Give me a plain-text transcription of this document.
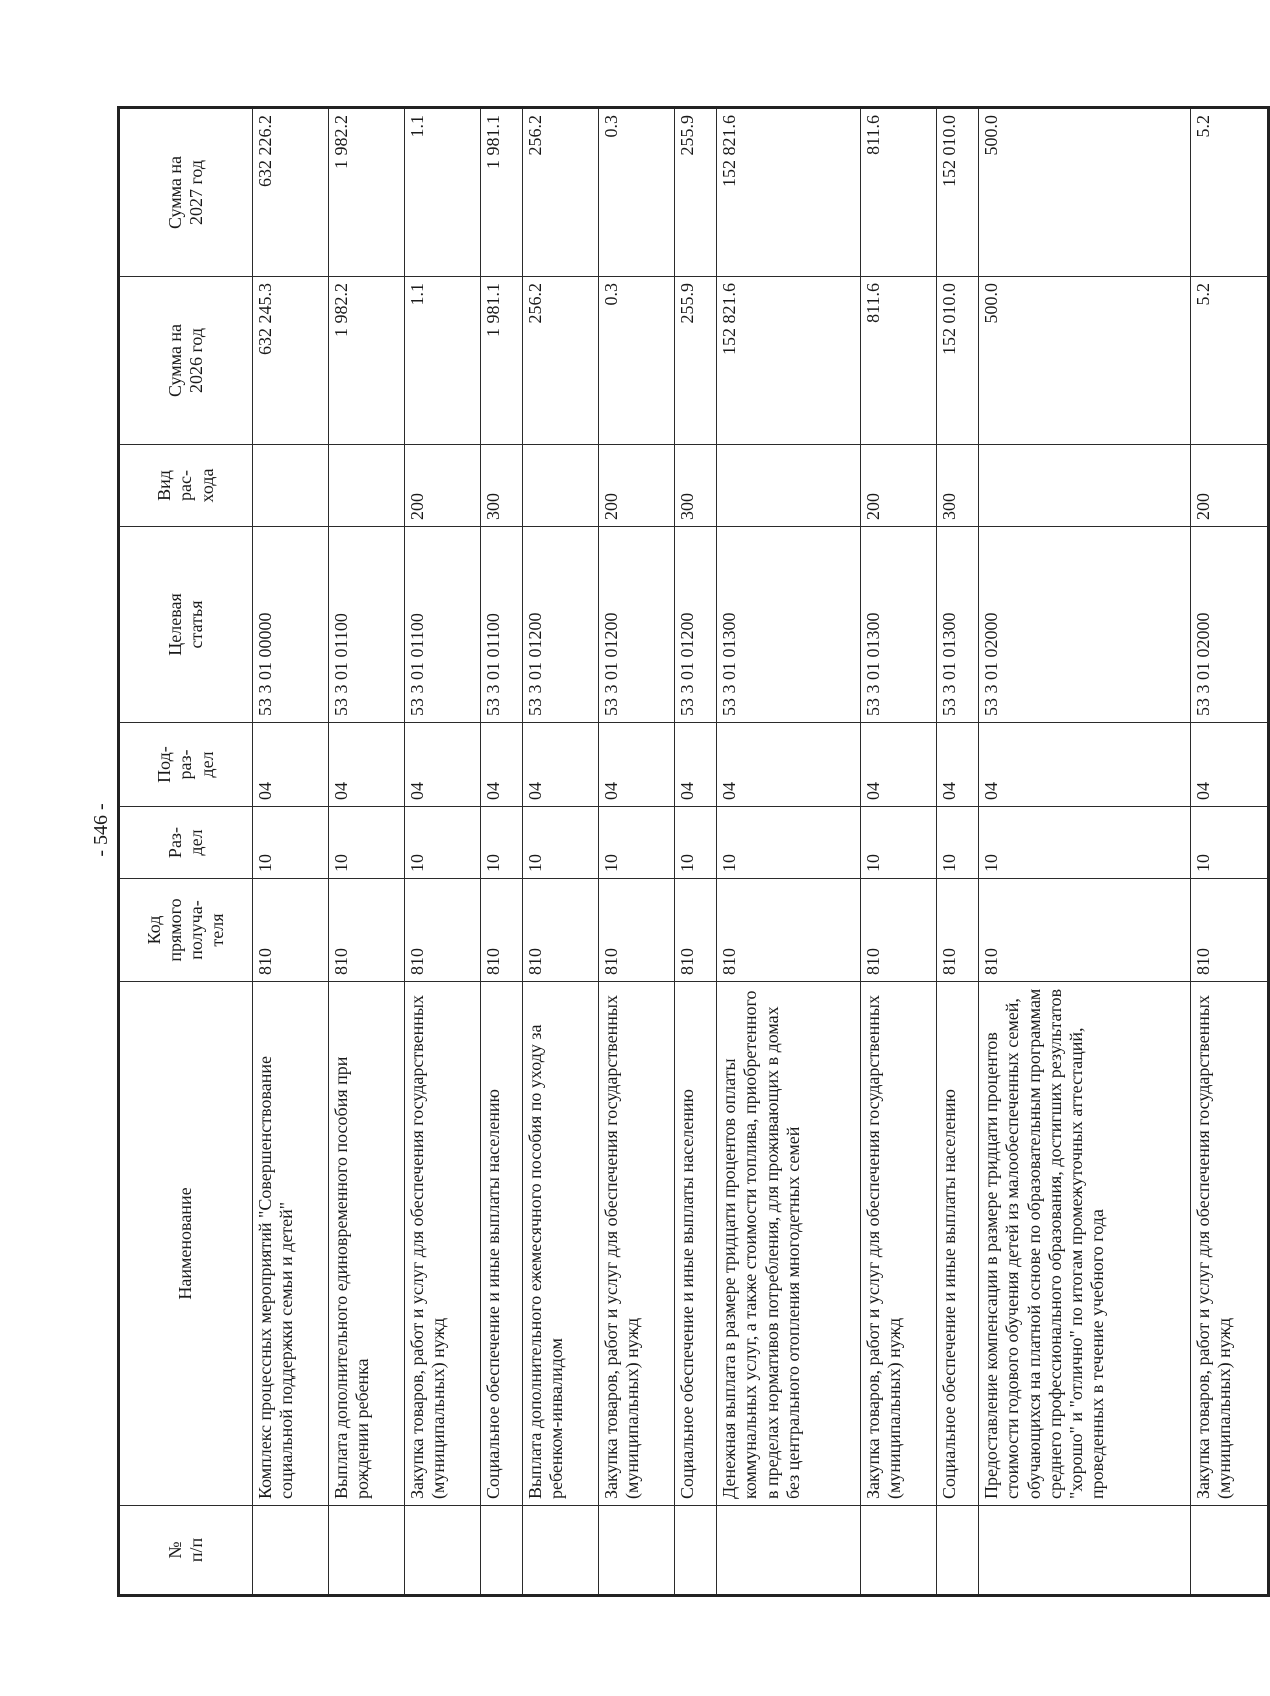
- 546 -
№
п/п	Наименование	Код
прямого
получа-
теля	Раз-
дел	Под-
раз-
дел	Целевая
статья	Вид
рас-
хода	Сумма на
2026 год	Сумма на
2027 год
	Комплекс процессных мероприятий "Совершенствование социальной поддержки семьи и детей"	810	10	04	53 3 01 00000		632 245.3	632 226.2
	Выплата дополнительного единовременного пособия при рождении ребенка	810	10	04	53 3 01 01100		1 982.2	1 982.2
	Закупка товаров, работ и услуг для обеспечения государственных (муниципальных) нужд	810	10	04	53 3 01 01100	200	1.1	1.1
	Социальное обеспечение и иные выплаты населению	810	10	04	53 3 01 01100	300	1 981.1	1 981.1
	Выплата дополнительного ежемесячного пособия по уходу за ребенком-инвалидом	810	10	04	53 3 01 01200		256.2	256.2
	Закупка товаров, работ и услуг для обеспечения государственных (муниципальных) нужд	810	10	04	53 3 01 01200	200	0.3	0.3
	Социальное обеспечение и иные выплаты населению	810	10	04	53 3 01 01200	300	255.9	255.9
	Денежная выплата в размере тридцати процентов оплаты коммунальных услуг, а также стоимости топлива, приобретенного в пределах нормативов потребления, для проживающих в домах без центрального отопления многодетных семей	810	10	04	53 3 01 01300		152 821.6	152 821.6
	Закупка товаров, работ и услуг для обеспечения государственных (муниципальных) нужд	810	10	04	53 3 01 01300	200	811.6	811.6
	Социальное обеспечение и иные выплаты населению	810	10	04	53 3 01 01300	300	152 010.0	152 010.0
	Предоставление компенсации в размере тридцати процентов стоимости годового обучения детей из малообеспеченных семей, обучающихся на платной основе по образовательным программам среднего профессионального образования, достигших результатов "хорошо" и "отлично" по итогам промежуточных аттестаций, проведенных в течение учебного года	810	10	04	53 3 01 02000		500.0	500.0
	Закупка товаров, работ и услуг для обеспечения государственных (муниципальных) нужд	810	10	04	53 3 01 02000	200	5.2	5.2
